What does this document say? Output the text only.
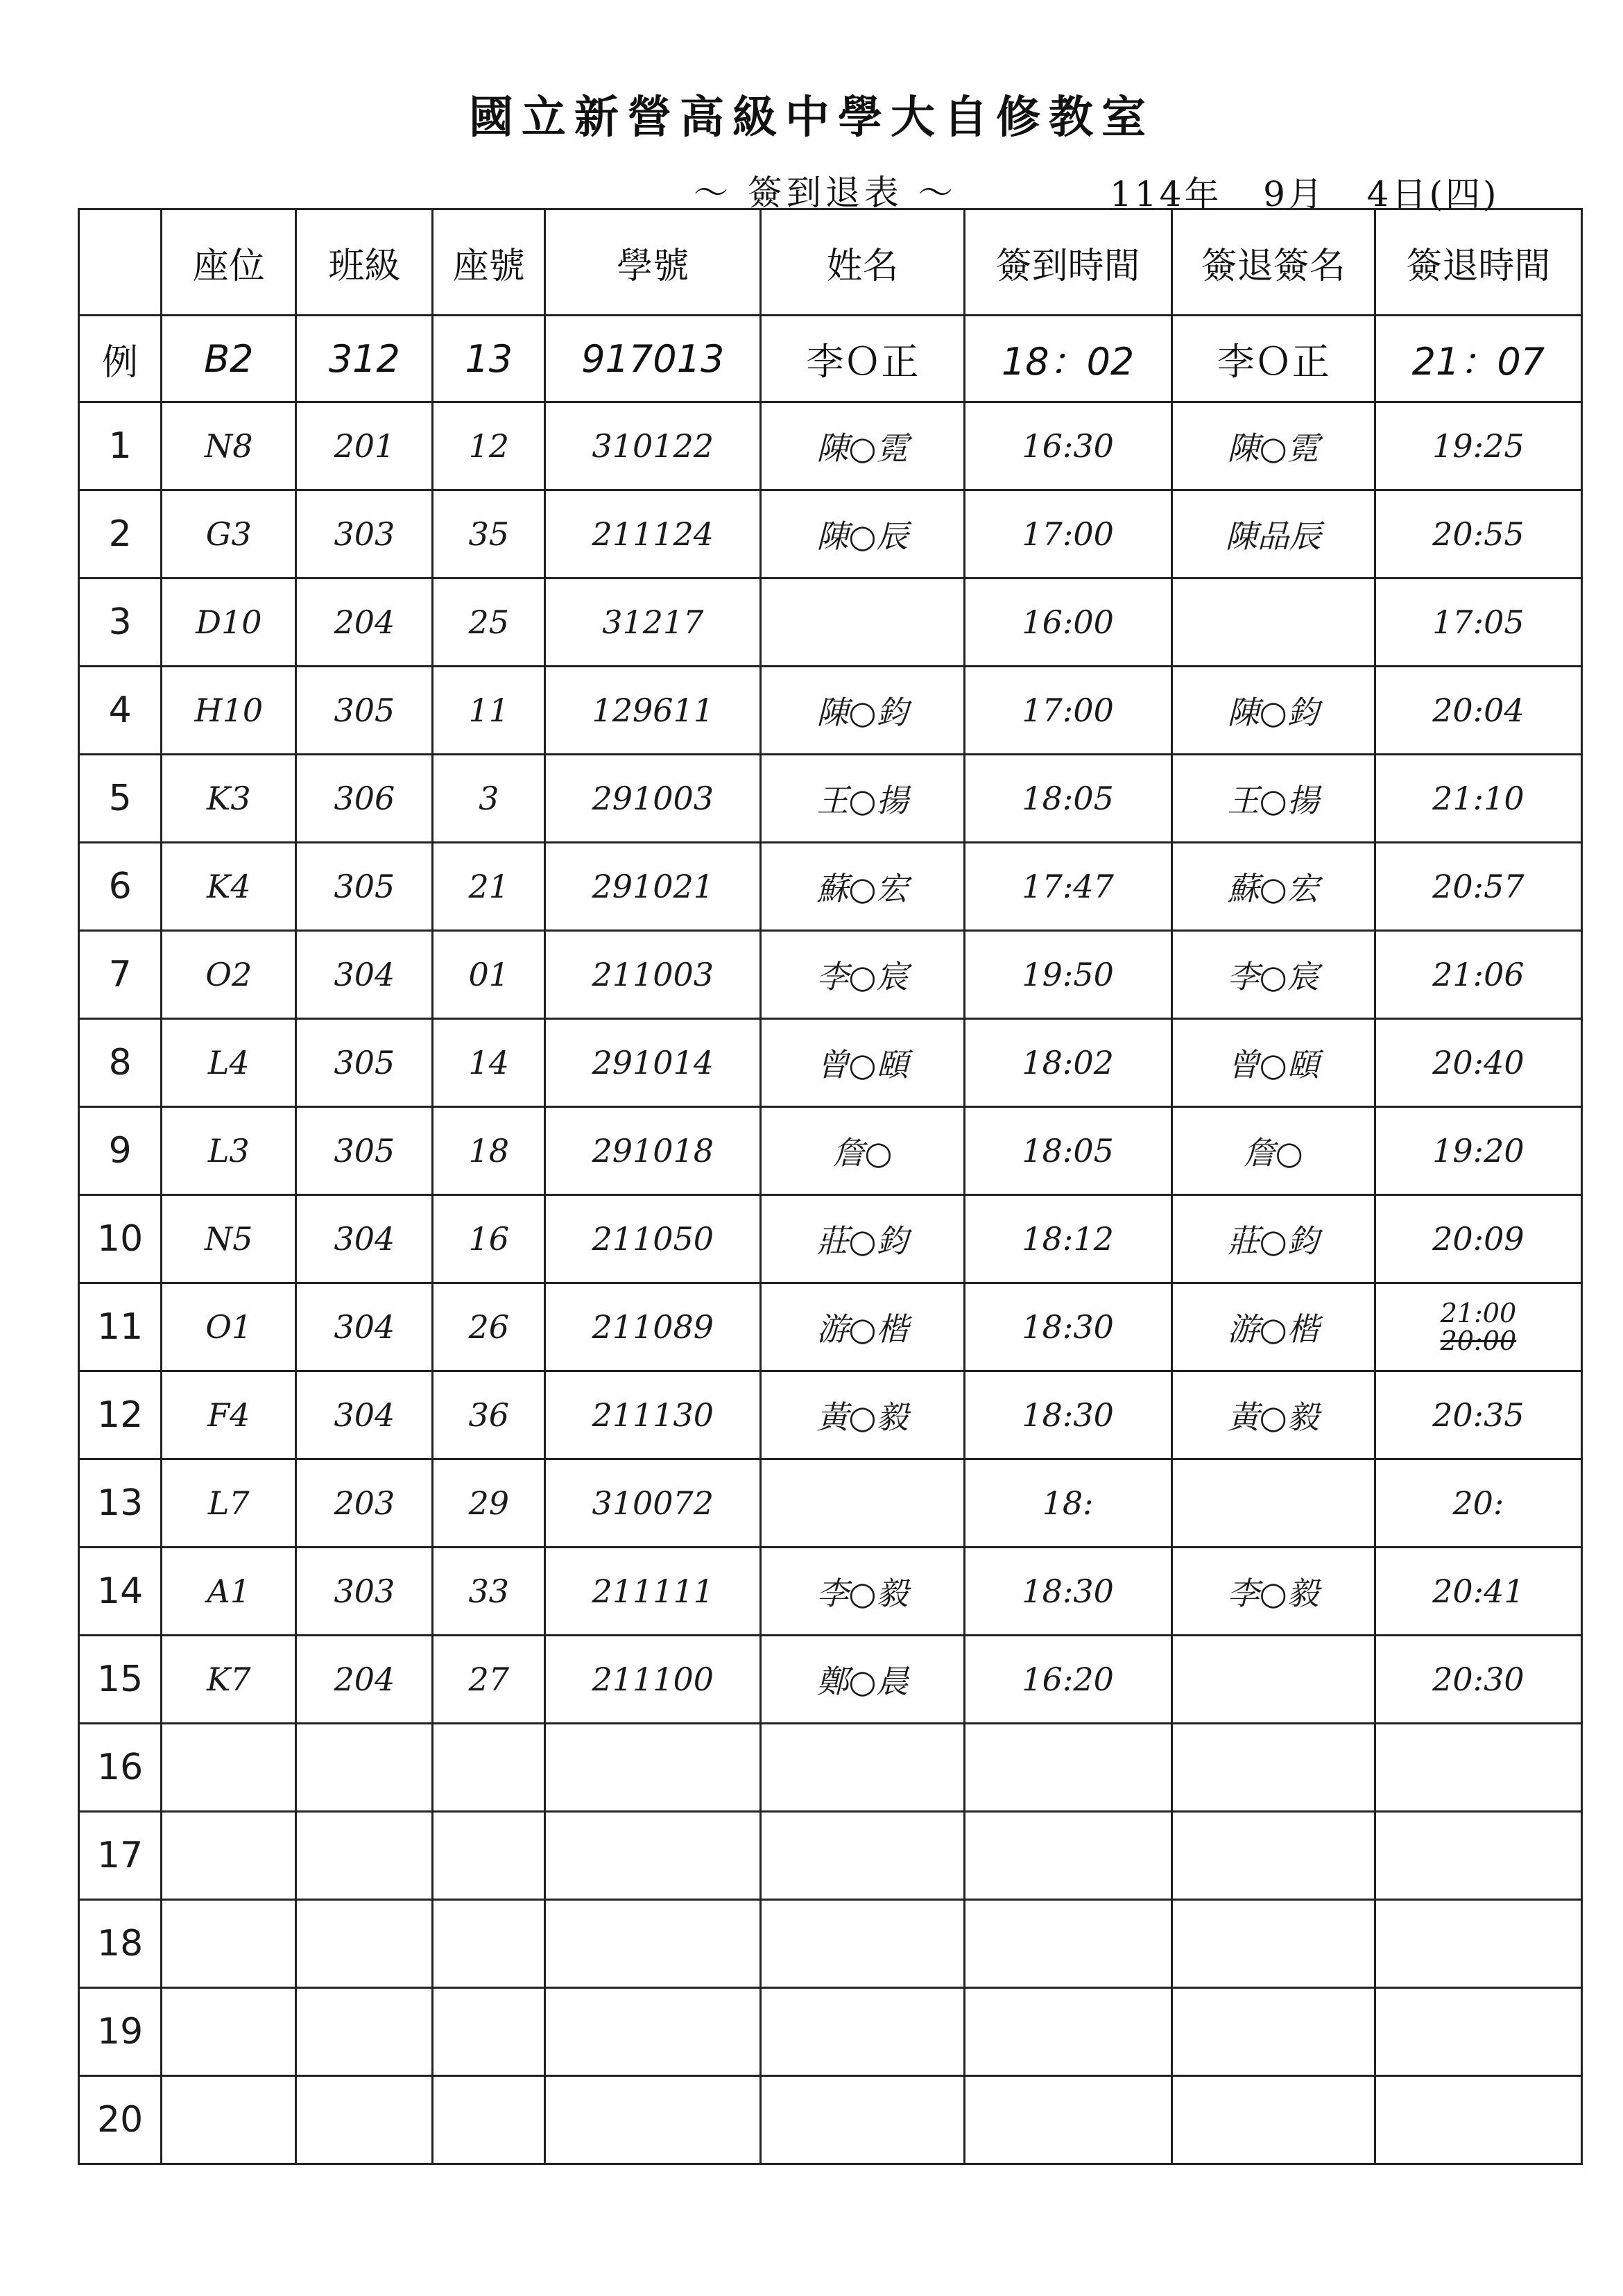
國立新營高級中學大自修教室
～ 簽到退表 ～	114年 9月 4日(四)
	座位	班級	座號	學號	姓名	簽到時間	簽退簽名	簽退時間
例	B2	312	13	917013	李Ｏ正	18：02	李Ｏ正	21：07
1	N8	201	12	310122	陳○霓	16:30	陳○霓	19:25
2	G3	303	35	211124	陳○辰	17:00	陳品辰	20:55
3	D10	204	25	31217		16:00		17:05
4	H10	305	11	129611	陳○鈞	17:00	陳○鈞	20:04
5	K3	306	3	291003	王○揚	18:05	王○揚	21:10
6	K4	305	21	291021	蘇○宏	17:47	蘇○宏	20:57
7	O2	304	01	211003	李○宸	19:50	李○宸	21:06
8	L4	305	14	291014	曾○頤	18:02	曾○頤	20:40
9	L3	305	18	291018	詹○	18:05	詹○	19:20
10	N5	304	16	211050	莊○鈞	18:12	莊○鈞	20:09
11	O1	304	26	211089	游○楷	18:30	游○楷	21:00
20:00

12	F4	304	36	211130	黃○毅	18:30	黃○毅	20:35
13	L7	203	29	310072		18:		20:
14	A1	303	33	211111	李○毅	18:30	李○毅	20:41
15	K7	204	27	211100	鄭○晨	16:20		20:30
16								
17								
18								
19								
20								
